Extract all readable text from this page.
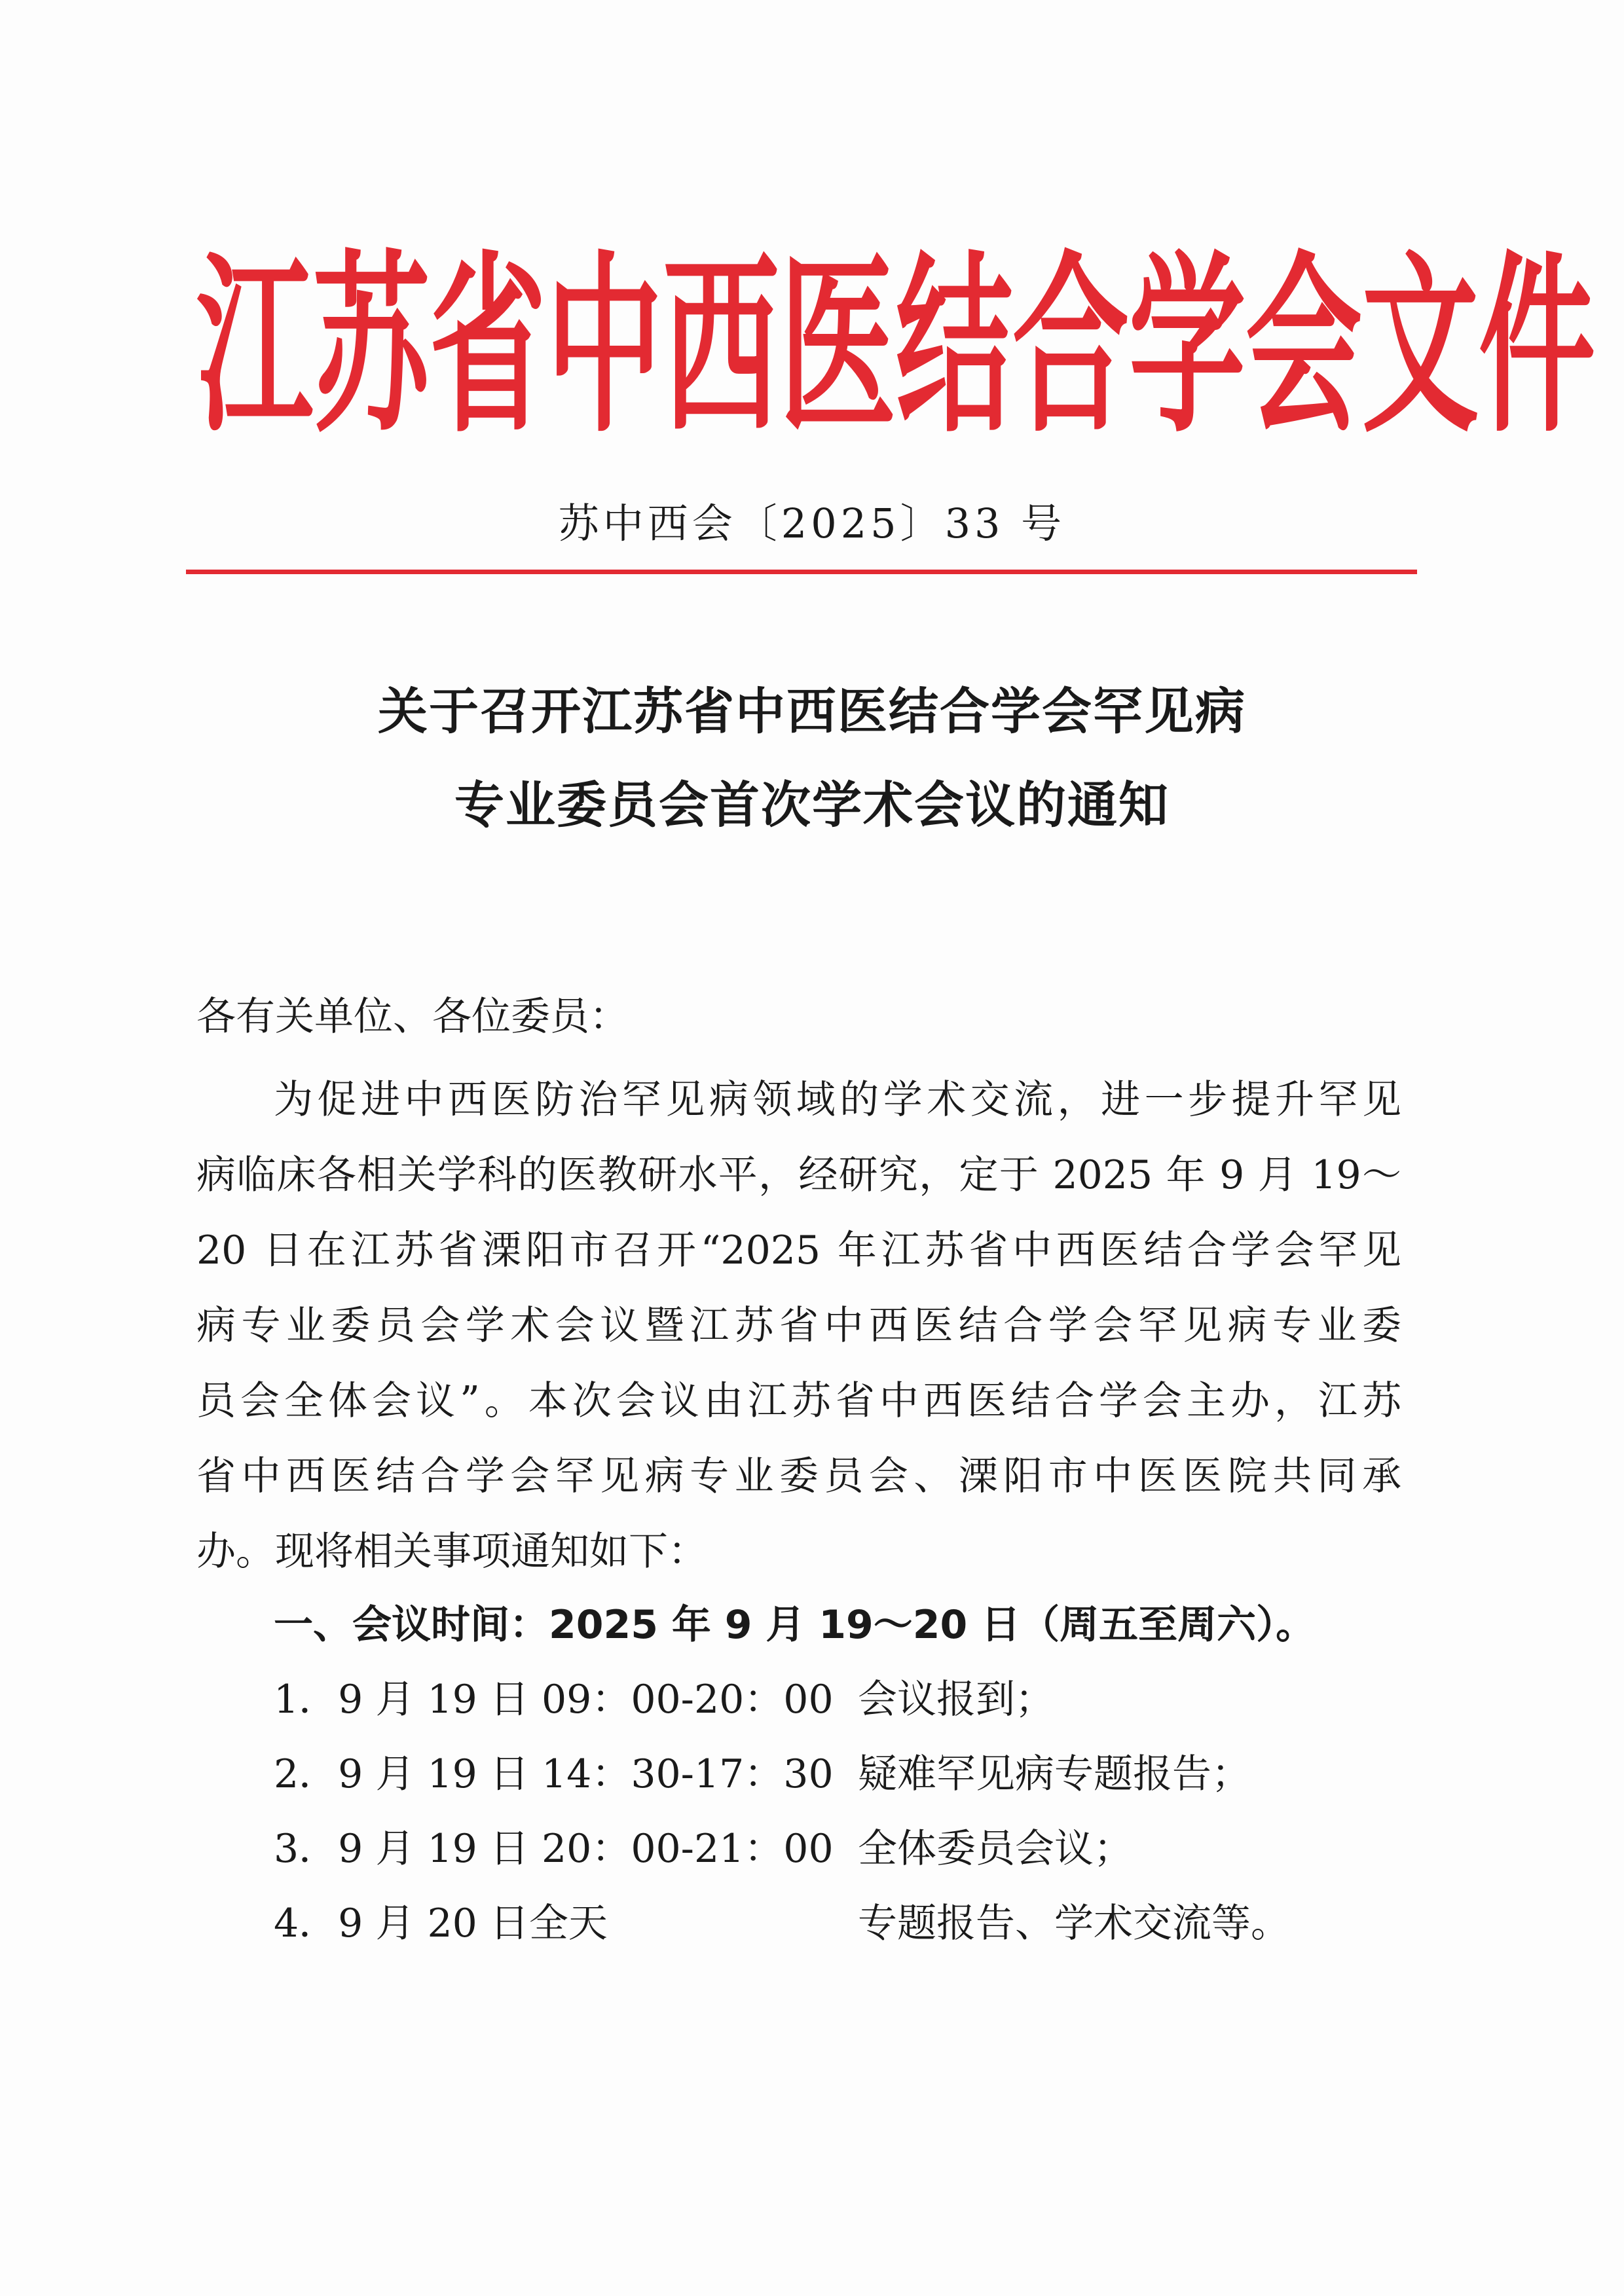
江 苏 省 中 西 医 结 合 学 会 文 件
苏中西会〔2025〕33 号
关于召开江苏省中西医结合学会罕见病
专业委员会首次学术会议的通知
各有关单位、各位委员：
为促进中西医防治罕见病领域的学术交流，进一步提升罕见
病临床各相关学科的医教研水平，经研究，定于 2025 年 9 月 19～
20 日在江苏省溧阳市召开“2025 年江苏省中西医结合学会罕见
病专业委员会学术会议暨江苏省中西医结合学会罕见病专业委
员会全体会议”。本次会议由江苏省中西医结合学会主办，江苏
省中西医结合学会罕见病专业委员会、溧阳市中医医院共同承
办。现将相关事项通知如下：
一、会议时间：2025 年 9 月 19～20 日（周五至周六）。
1．9 月 19 日 09：00-20：00 会议报到；
2．9 月 19 日 14：30-17：30 疑难罕见病专题报告；
3．9 月 19 日 20：00-21：00 全体委员会议；
4．9 月 20 日全天	专题报告、学术交流等。
